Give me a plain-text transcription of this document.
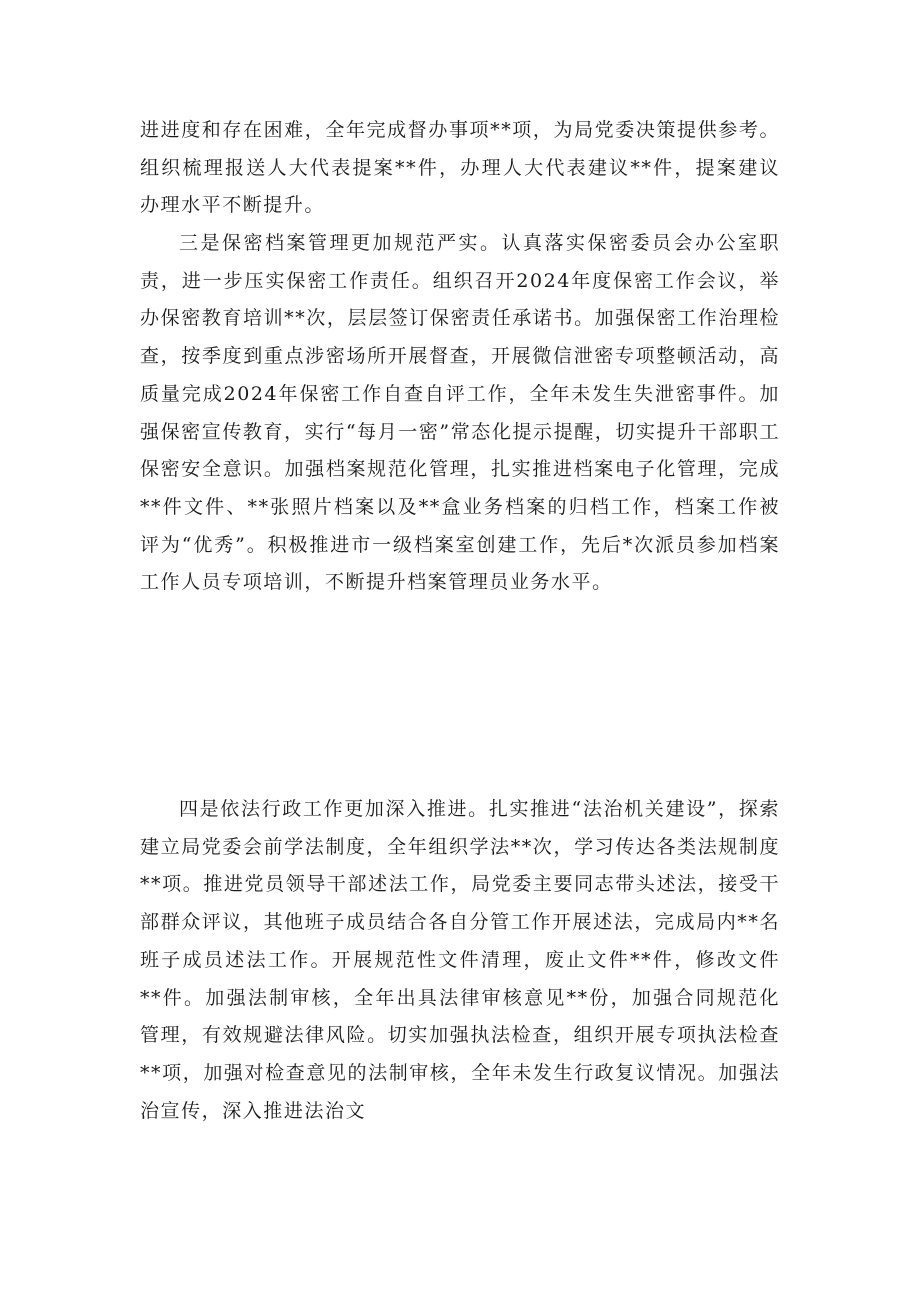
进进度和存在困难，全年完成督办事项**项，为局党委决策提供参考。组织梳理报送人大代表提案**件，办理人大代表建议**件，提案建议办理水平不断提升。

三是保密档案管理更加规范严实。认真落实保密委员会办公室职责，进一步压实保密工作责任。组织召开2024年度保密工作会议，举办保密教育培训**次，层层签订保密责任承诺书。加强保密工作治理检查，按季度到重点涉密场所开展督查，开展微信泄密专项整顿活动，高质量完成2024年保密工作自查自评工作，全年未发生失泄密事件。加强保密宣传教育，实行“每月一密”常态化提示提醒，切实提升干部职工保密安全意识。加强档案规范化管理，扎实推进档案电子化管理，完成**件文件、**张照片档案以及**盒业务档案的归档工作，档案工作被评为“优秀”。积极推进市一级档案室创建工作，先后*次派员参加档案工作人员专项培训，不断提升档案管理员业务水平。

四是依法行政工作更加深入推进。扎实推进“法治机关建设”，探索建立局党委会前学法制度，全年组织学法**次，学习传达各类法规制度**项。推进党员领导干部述法工作，局党委主要同志带头述法，接受干部群众评议，其他班子成员结合各自分管工作开展述法，完成局内**名班子成员述法工作。开展规范性文件清理，废止文件**件，修改文件**件。加强法制审核，全年出具法律审核意见**份，加强合同规范化管理，有效规避法律风险。切实加强执法检查，组织开展专项执法检查**项，加强对检查意见的法制审核，全年未发生行政复议情况。加强法治宣传，深入推进法治文
